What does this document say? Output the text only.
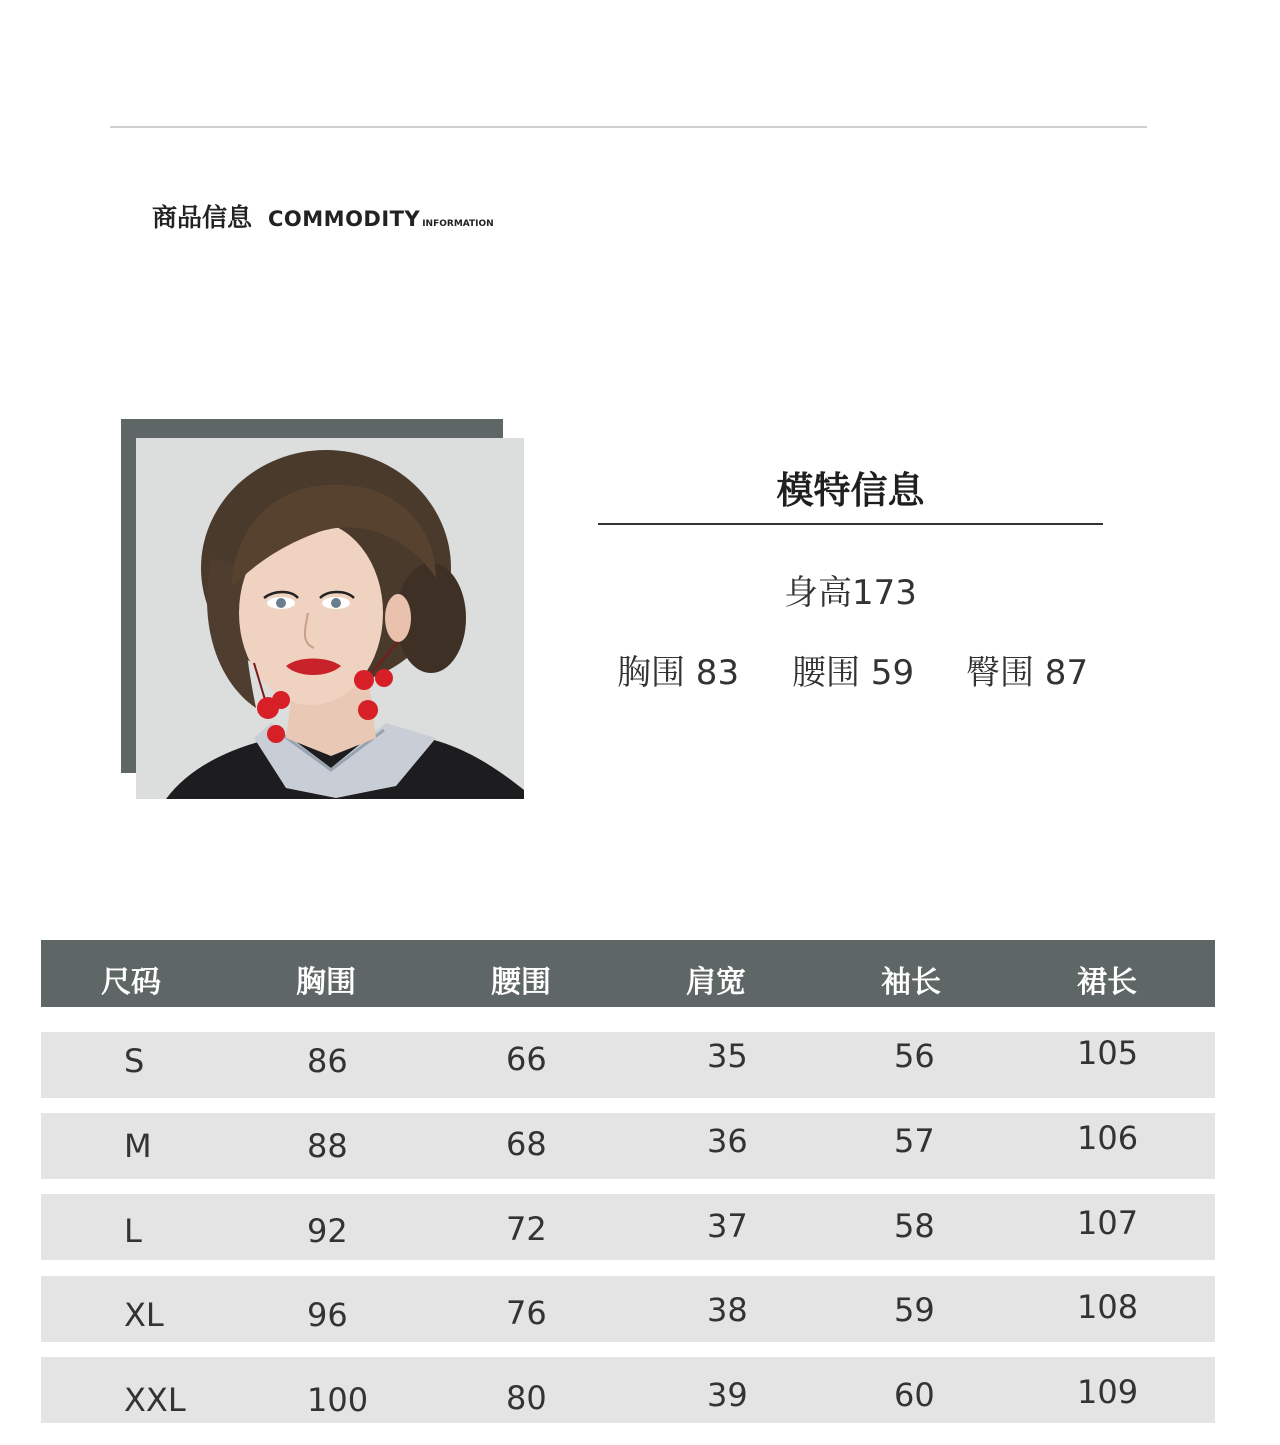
商品信息 COMMODITY INFORMATION
模特信息
身高173
胸围 83 腰围 59 臀围 87
尺码	胸围	腰围	肩宽	袖长	裙长
S	86	66	35	56	105
M	88	68	36	57	106
L	92	72	37	58	107
XL	96	76	38	59	108
XXL	100	80	39	60	109
